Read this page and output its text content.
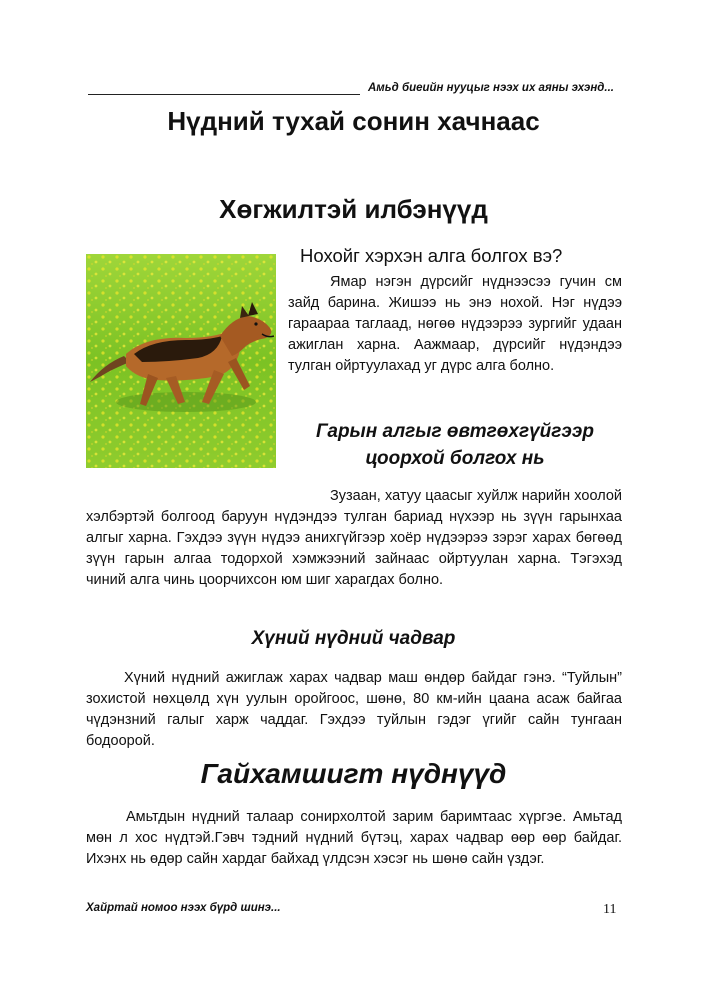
Амьд биеийн нууцыг нээх их аяны эхэнд...
Нүдний тухай сонин хачнаас
Хөгжилтэй илбэнүүд
Нохойг хэрхэн алга болгох вэ?

Ямар нэгэн дүрсийг нүднээсээ гучин см зайд барина. Жишээ нь энэ нохой. Нэг нүдээ гараараа таглаад, нөгөө нүдээрээ зургийг удаан ажиглан харна. Аажмаар, дүрсийг нүдэндээ тулган ойртуулахад уг дүрс алга болно.

Гарын алгыг өвтгөхгүйгээр
цоорхой болгох нь

Зузаан, хатуу цаасыг хуйлж нарийн хоолой хэлбэртэй болгоод баруун нүдэндээ тулган бариад нүхээр нь зүүн гарынхаа алгыг харна. Гэхдээ зүүн нүдээ анихгүйгээр хоёр нүдээрээ зэрэг харах бөгөөд зүүн гарын алгаа тодорхой хэмжээний зайнаас ойртуулан харна. Тэгэхэд чиний алга чинь цоорчихсон юм шиг харагдах болно.

Хүний нүдний чадвар

Хүний нүдний ажиглаж харах чадвар маш өндөр байдаг гэнэ. “Туйлын” зохистой нөхцөлд хүн уулын оройгоос, шөнө, 80 км-ийн цаана асаж байгаа чүдэнзний галыг харж чаддаг. Гэхдээ туйлын гэдэг үгийг сайн тунгаан бодоорой.

Гайхамшигт нүднүүд

Амьтдын нүдний талаар сонирхолтой зарим баримтаас хүргэе. Амьтад мөн л хос нүдтэй.Гэвч тэдний нүдний бүтэц, харах чадвар өөр өөр байдаг. Ихэнх нь өдөр сайн хардаг байхад үлдсэн хэсэг нь шөнө сайн үздэг.

Хайртай номоо нээх бүрд шинэ...	11
